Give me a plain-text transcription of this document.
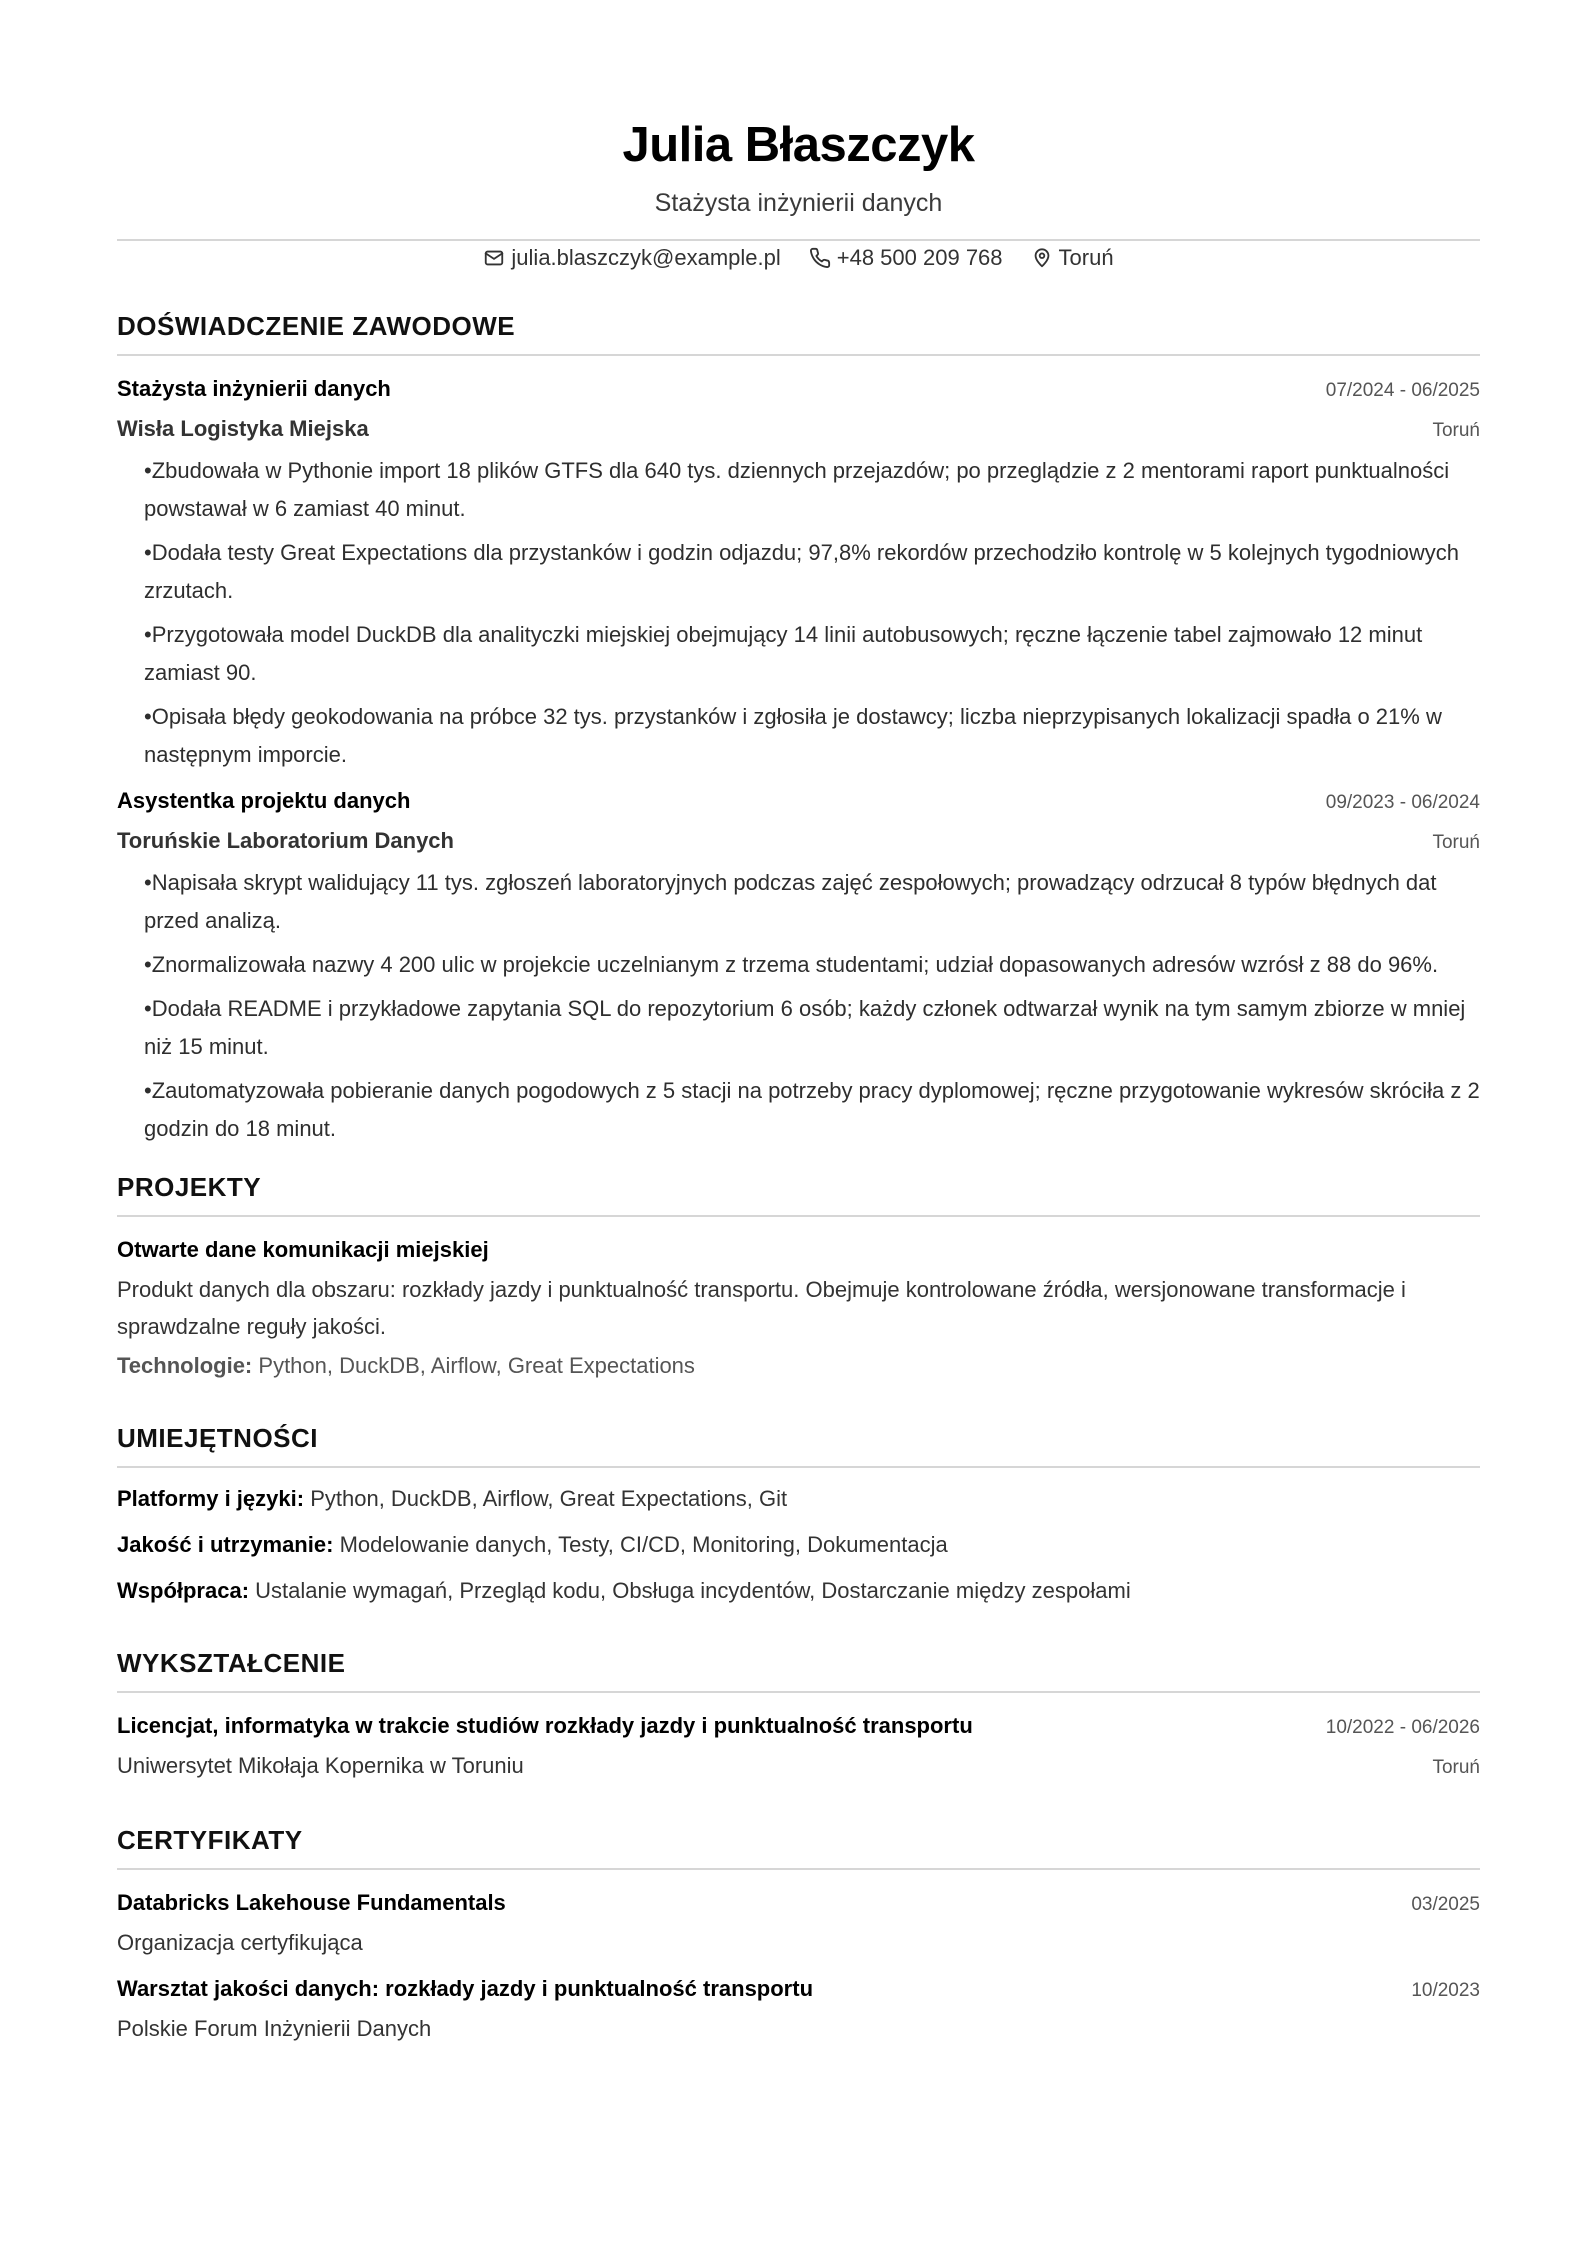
Julia Błaszczyk
Stażysta inżynierii danych
julia.blaszczyk@example.pl	+48 500 209 768	Toruń
DOŚWIADCZENIE ZAWODOWE
Stażysta inżynierii danych	07/2024 - 06/2025
Wisła Logistyka Miejska	Toruń
• Zbudowała w Pythonie import 18 plików GTFS dla 640 tys. dziennych przejazdów; po przeglądzie z 2 mentorami raport punktualności powstawał w 6 zamiast 40 minut.
• Dodała testy Great Expectations dla przystanków i godzin odjazdu; 97,8% rekordów przechodziło kontrolę w 5 kolejnych tygodniowych zrzutach.
• Przygotowała model DuckDB dla analityczki miejskiej obejmujący 14 linii autobusowych; ręczne łączenie tabel zajmowało 12 minut zamiast 90.
• Opisała błędy geokodowania na próbce 32 tys. przystanków i zgłosiła je dostawcy; liczba nieprzypisanych lokalizacji spadła o 21% w następnym imporcie.
Asystentka projektu danych	09/2023 - 06/2024
Toruńskie Laboratorium Danych	Toruń
• Napisała skrypt walidujący 11 tys. zgłoszeń laboratoryjnych podczas zajęć zespołowych; prowadzący odrzucał 8 typów błędnych dat przed analizą.
• Znormalizowała nazwy 4 200 ulic w projekcie uczelnianym z trzema studentami; udział dopasowanych adresów wzrósł z 88 do 96%.
• Dodała README i przykładowe zapytania SQL do repozytorium 6 osób; każdy członek odtwarzał wynik na tym samym zbiorze w mniej niż 15 minut.
• Zautomatyzowała pobieranie danych pogodowych z 5 stacji na potrzeby pracy dyplomowej; ręczne przygotowanie wykresów skróciła z 2 godzin do 18 minut.
PROJEKTY
Otwarte dane komunikacji miejskiej
Produkt danych dla obszaru: rozkłady jazdy i punktualność transportu. Obejmuje kontrolowane źródła, wersjonowane transformacje i sprawdzalne reguły jakości.
Technologie: Python, DuckDB, Airflow, Great Expectations
UMIEJĘTNOŚCI
Platformy i języki: Python, DuckDB, Airflow, Great Expectations, Git
Jakość i utrzymanie: Modelowanie danych, Testy, CI/CD, Monitoring, Dokumentacja
Współpraca: Ustalanie wymagań, Przegląd kodu, Obsługa incydentów, Dostarczanie między zespołami
WYKSZTAŁCENIE
Licencjat, informatyka w trakcie studiów rozkłady jazdy i punktualność transportu	10/2022 - 06/2026
Uniwersytet Mikołaja Kopernika w Toruniu	Toruń
CERTYFIKATY
Databricks Lakehouse Fundamentals	03/2025
Organizacja certyfikująca
Warsztat jakości danych: rozkłady jazdy i punktualność transportu	10/2023
Polskie Forum Inżynierii Danych
